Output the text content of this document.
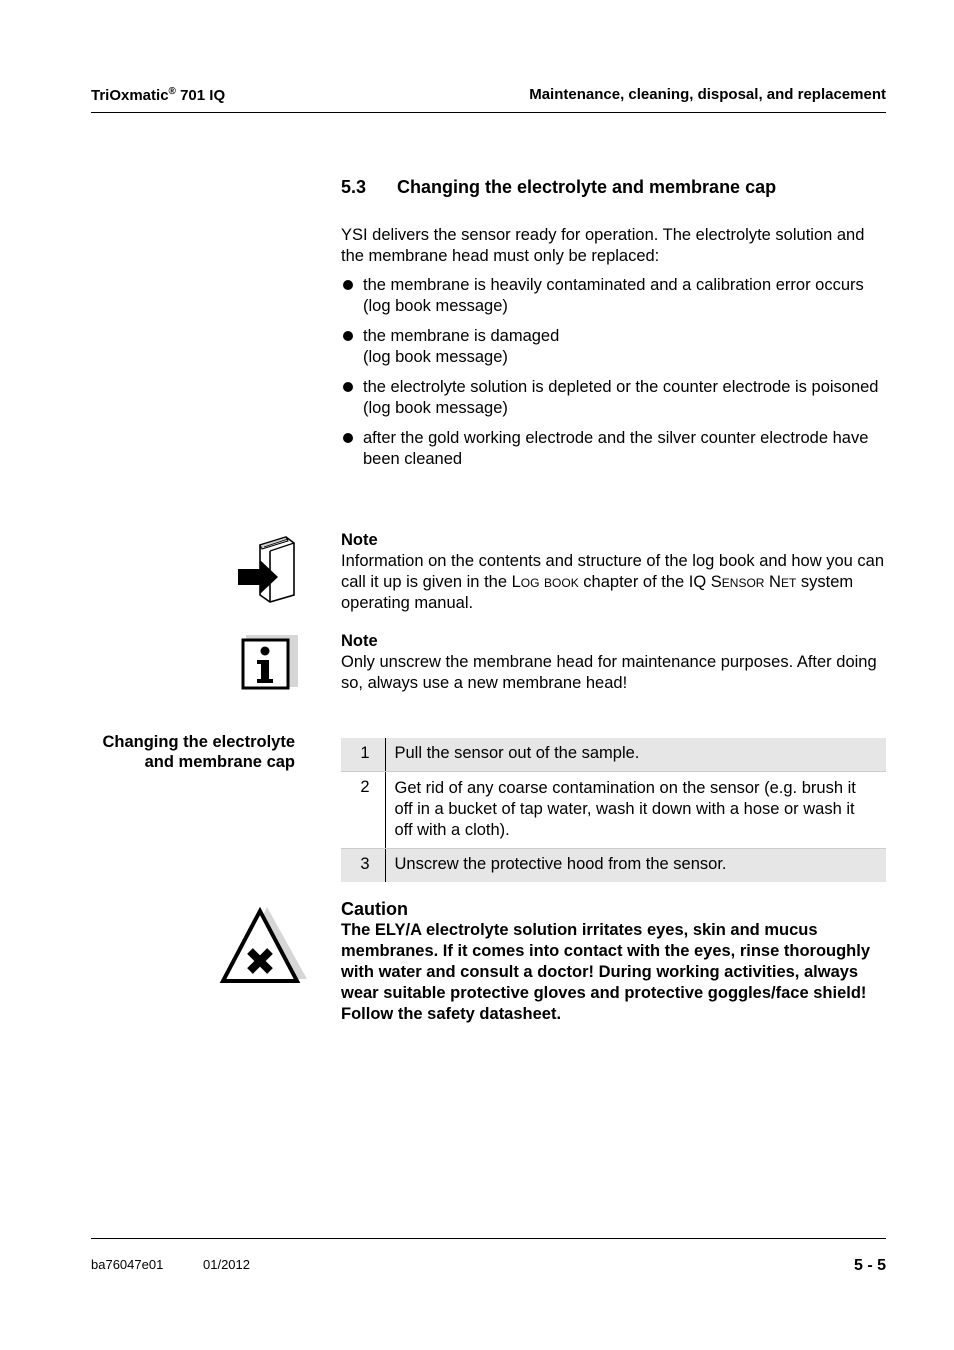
TriOxmatic® 701 IQ	Maintenance, cleaning, disposal, and replacement
5.3 Changing the electrolyte and membrane cap
YSI delivers the sensor ready for operation. The electrolyte solution and the membrane head must only be replaced:
the membrane is heavily contaminated and a calibration error occurs
(log book message)
the membrane is damaged
(log book message)
the electrolyte solution is depleted or the counter electrode is poisoned
(log book message)
after the gold working electrode and the silver counter electrode have been cleaned
Note
Information on the contents and structure of the log book and how you can call it up is given in the Log book chapter of the IQ Sensor Net system operating manual.
Note
Only unscrew the membrane head for maintenance purposes. After doing so, always use a new membrane head!
Changing the electrolyte
and membrane cap	1	Pull the sensor out of the sample.
2	Get rid of any coarse contamination on the sensor (e.g. brush it off in a bucket of tap water, wash it down with a hose or wash it off with a cloth).
3	Unscrew the protective hood from the sensor.
Caution
The ELY/A electrolyte solution irritates eyes, skin and mucus membranes. If it comes into contact with the eyes, rinse thoroughly with water and consult a doctor! During working activities, always wear suitable protective gloves and protective goggles/face shield! Follow the safety datasheet.
ba76047e01	01/2012	5 - 5
